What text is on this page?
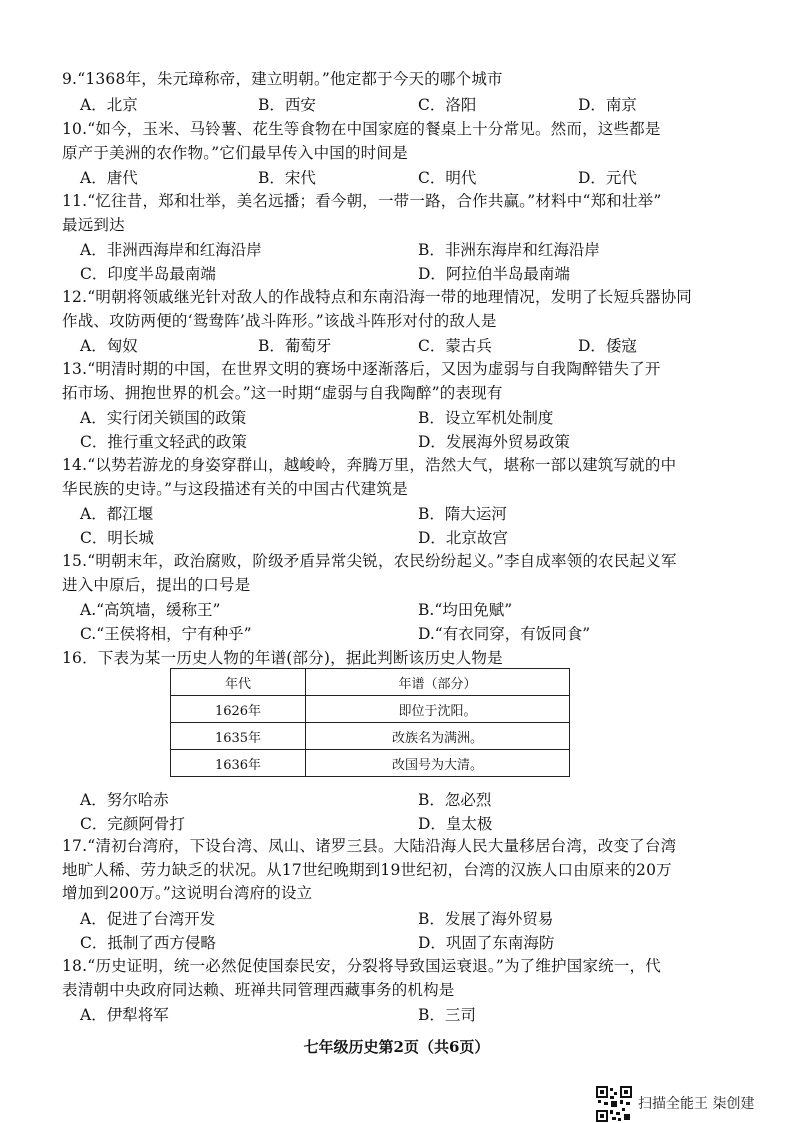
9.“1368年，朱元璋称帝，建立明朝。”他定都于今天的哪个城市
A．北京	B．西安	C．洛阳	D．南京
10.“如今，玉米、马铃薯、花生等食物在中国家庭的餐桌上十分常见。然而，这些都是
原产于美洲的农作物。”它们最早传入中国的时间是
A．唐代	B．宋代	C．明代	D．元代
11.“忆往昔，郑和壮举，美名远播；看今朝，一带一路，合作共赢。”材料中“郑和壮举”
最远到达
A．非洲西海岸和红海沿岸	B．非洲东海岸和红海沿岸
C．印度半岛最南端	D．阿拉伯半岛最南端
12.“明朝将领戚继光针对敌人的作战特点和东南沿海一带的地理情况，发明了长短兵器协同
作战、攻防两便的‘鸳鸯阵’战斗阵形。”该战斗阵形对付的敌人是
A．匈奴	B．葡萄牙	C．蒙古兵	D．倭寇
13.“明清时期的中国，在世界文明的赛场中逐渐落后，又因为虚弱与自我陶醉错失了开
拓市场、拥抱世界的机会。”这一时期“虚弱与自我陶醉”的表现有
A．实行闭关锁国的政策	B．设立军机处制度
C．推行重文轻武的政策	D．发展海外贸易政策
14.“以势若游龙的身姿穿群山，越峻岭，奔腾万里，浩然大气，堪称一部以建筑写就的中
华民族的史诗。”与这段描述有关的中国古代建筑是
A．都江堰	B．隋大运河
C．明长城	D．北京故宫
15.“明朝末年，政治腐败，阶级矛盾异常尖锐，农民纷纷起义。”李自成率领的农民起义军
进入中原后，提出的口号是
A.“高筑墙，缓称王”	B.“均田免赋”
C.“王侯将相，宁有种乎”	D.“有衣同穿，有饭同食”
16．下表为某一历史人物的年谱(部分)，据此判断该历史人物是
年代	年谱（部分）
1626年	即位于沈阳。
1635年	改族名为满洲。
1636年	改国号为大清。
A．努尔哈赤	B．忽必烈
C．完颜阿骨打	D．皇太极
17.“清初台湾府，下设台湾、凤山、诸罗三县。大陆沿海人民大量移居台湾，改变了台湾
地旷人稀、劳力缺乏的状况。从17世纪晚期到19世纪初，台湾的汉族人口由原来的20万
增加到200万。”这说明台湾府的设立
A．促进了台湾开发	B．发展了海外贸易
C．抵制了西方侵略	D．巩固了东南海防
18.“历史证明，统一必然促使国泰民安，分裂将导致国运衰退。”为了维护国家统一，代
表清朝中央政府同达赖、班禅共同管理西藏事务的机构是
A．伊犁将军	B．三司
七年级历史第2页（共6页）
扫描全能王 柒创建
